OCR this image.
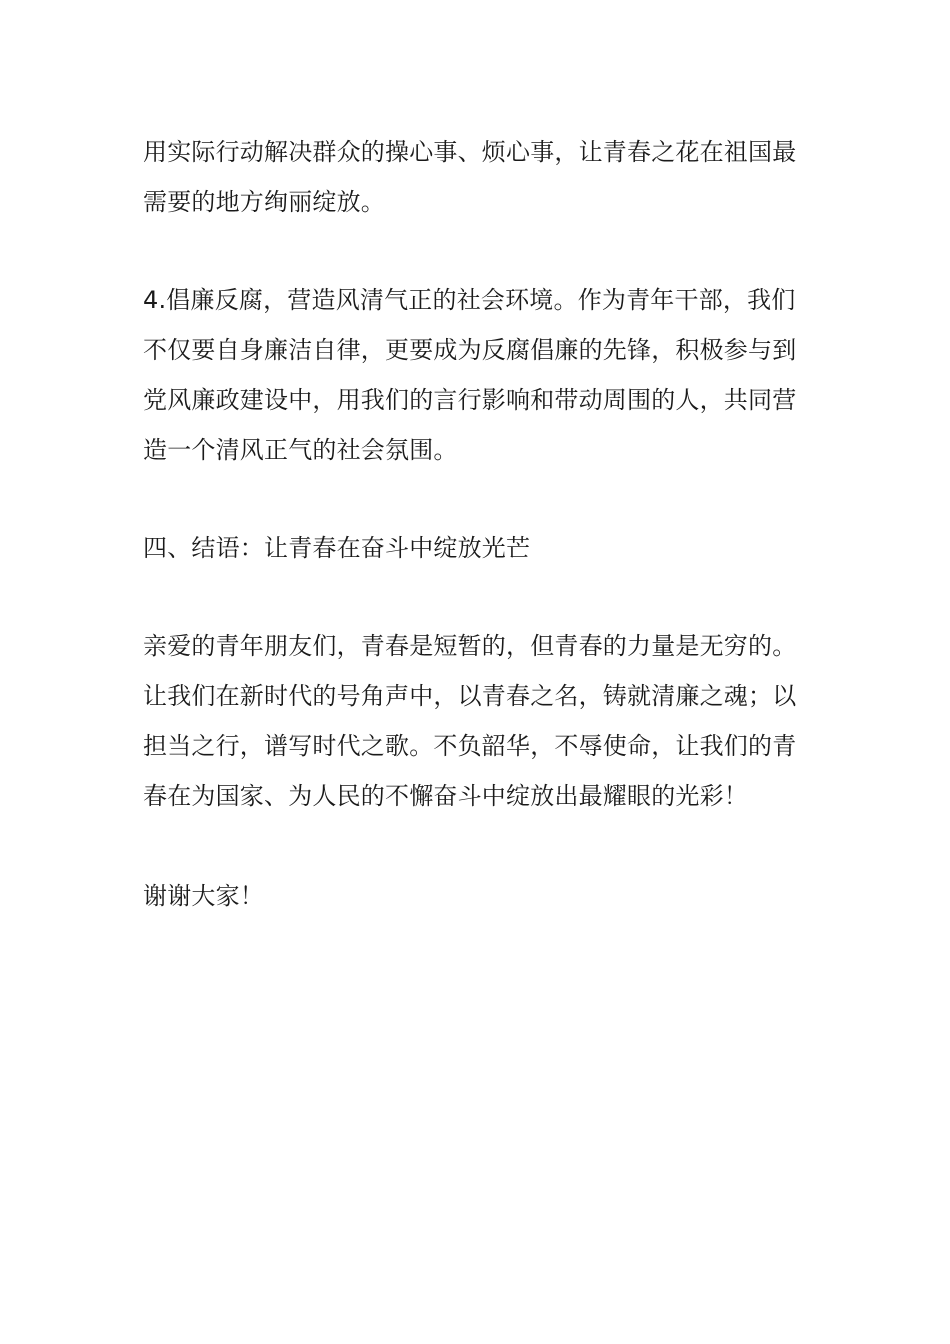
用实际行动解决群众的操心事、烦心事，让青春之花在祖国最
需要的地方绚丽绽放。
4.倡廉反腐，营造风清气正的社会环境。作为青年干部，我们
不仅要自身廉洁自律，更要成为反腐倡廉的先锋，积极参与到
党风廉政建设中，用我们的言行影响和带动周围的人，共同营
造一个清风正气的社会氛围。
四、结语：让青春在奋斗中绽放光芒
亲爱的青年朋友们，青春是短暂的，但青春的力量是无穷的。
让我们在新时代的号角声中，以青春之名，铸就清廉之魂；以
担当之行，谱写时代之歌。不负韶华，不辱使命，让我们的青
春在为国家、为人民的不懈奋斗中绽放出最耀眼的光彩！
谢谢大家！
